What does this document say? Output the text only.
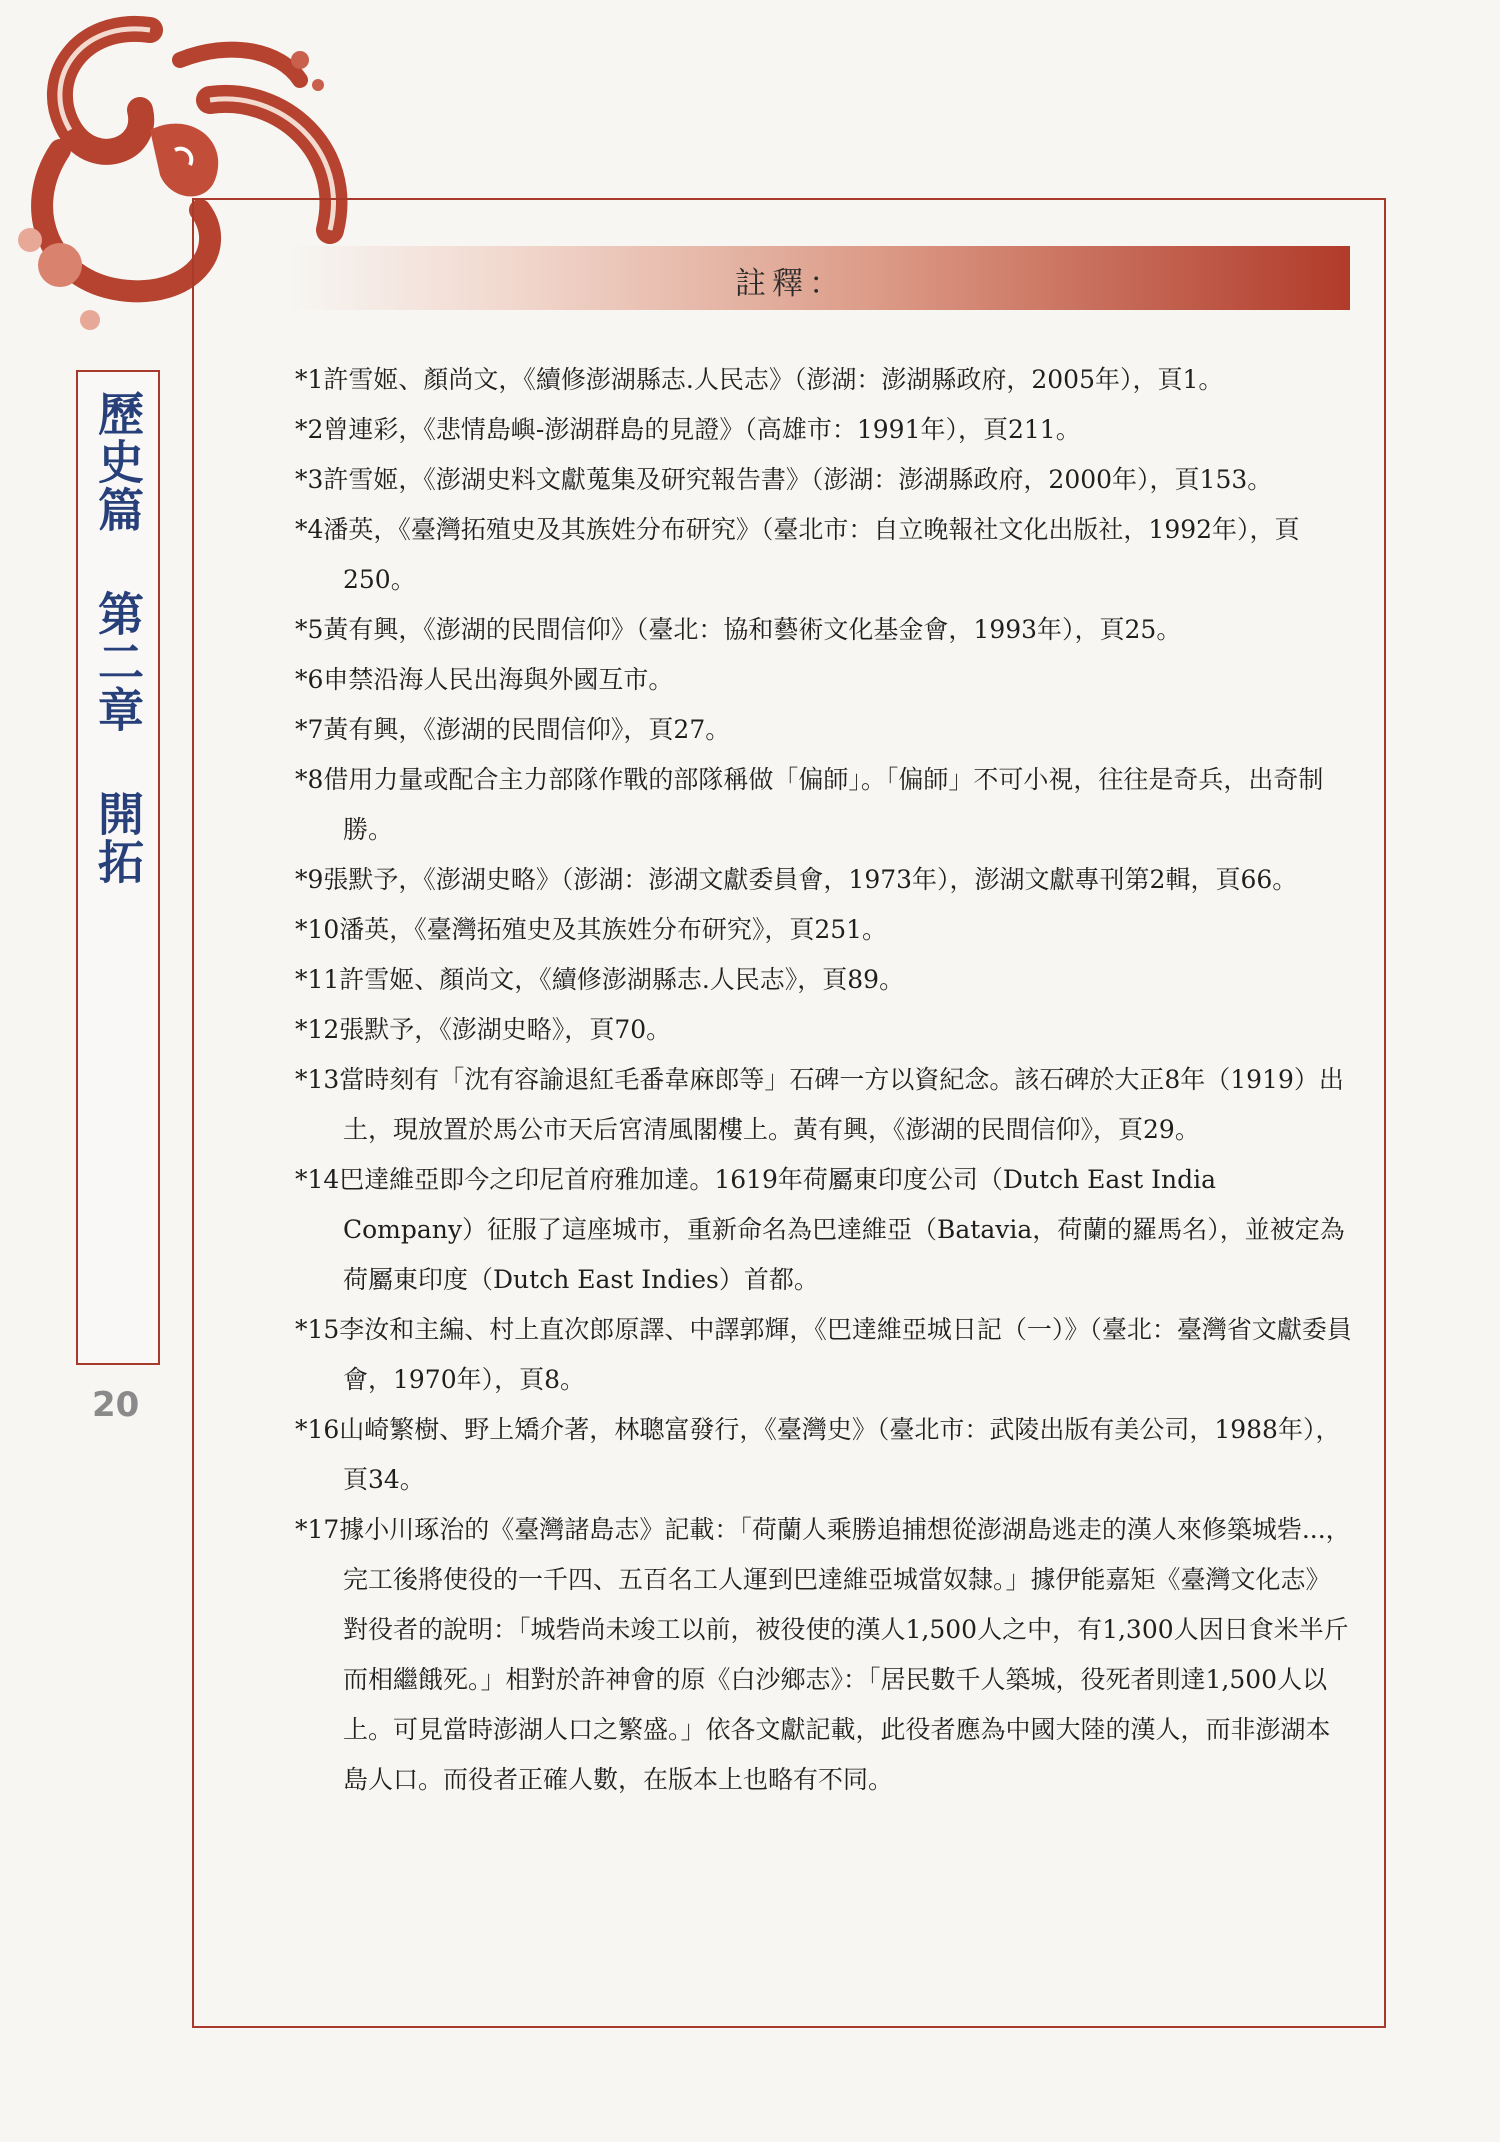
註釋：
歷史篇 第二章 開拓
20

*1許雪姬、顏尚文，《續修澎湖縣志.人民志》（澎湖：澎湖縣政府，2005年），頁1。

*2曾連彩，《悲情島嶼-澎湖群島的見證》（高雄市：1991年），頁211。

*3許雪姬，《澎湖史料文獻蒐集及研究報告書》（澎湖：澎湖縣政府，2000年），頁153。

*4潘英，《臺灣拓殖史及其族姓分布研究》（臺北市：自立晚報社文化出版社，1992年），頁250。

*5黃有興，《澎湖的民間信仰》（臺北：協和藝術文化基金會，1993年），頁25。

*6申禁沿海人民出海與外國互市。

*7黃有興，《澎湖的民間信仰》，頁27。

*8借用力量或配合主力部隊作戰的部隊稱做「偏師」。「偏師」不可小視，往往是奇兵，出奇制勝。

*9張默予，《澎湖史略》（澎湖：澎湖文獻委員會，1973年），澎湖文獻專刊第2輯，頁66。

*10潘英，《臺灣拓殖史及其族姓分布研究》，頁251。

*11許雪姬、顏尚文，《續修澎湖縣志.人民志》，頁89。

*12張默予，《澎湖史略》，頁70。

*13當時刻有「沈有容諭退紅毛番韋麻郎等」石碑一方以資紀念。該石碑於大正8年（1919）出土，現放置於馬公市天后宮清風閣樓上。黃有興，《澎湖的民間信仰》，頁29。

*14巴達維亞即今之印尼首府雅加達。1619年荷屬東印度公司（Dutch East India Company）征服了這座城市，重新命名為巴達維亞（Batavia，荷蘭的羅馬名），並被定為荷屬東印度（Dutch East Indies）首都。

*15李汝和主編、村上直次郎原譯、中譯郭輝，《巴達維亞城日記（一）》（臺北：臺灣省文獻委員會，1970年），頁8。

*16山崎繁樹、野上矯介著，林聰富發行，《臺灣史》（臺北市：武陵出版有美公司，1988年），頁34。

*17據小川琢治的《臺灣諸島志》記載：「荷蘭人乘勝追捕想從澎湖島逃走的漢人來修築城砦...，完工後將使役的一千四、五百名工人運到巴達維亞城當奴隸。」據伊能嘉矩《臺灣文化志》對役者的說明：「城砦尚未竣工以前，被役使的漢人1,500人之中，有1,300人因日食米半斤而相繼餓死。」相對於許神會的原《白沙鄉志》：「居民數千人築城，役死者則達1,500人以上。可見當時澎湖人口之繁盛。」依各文獻記載，此役者應為中國大陸的漢人，而非澎湖本島人口。而役者正確人數，在版本上也略有不同。
